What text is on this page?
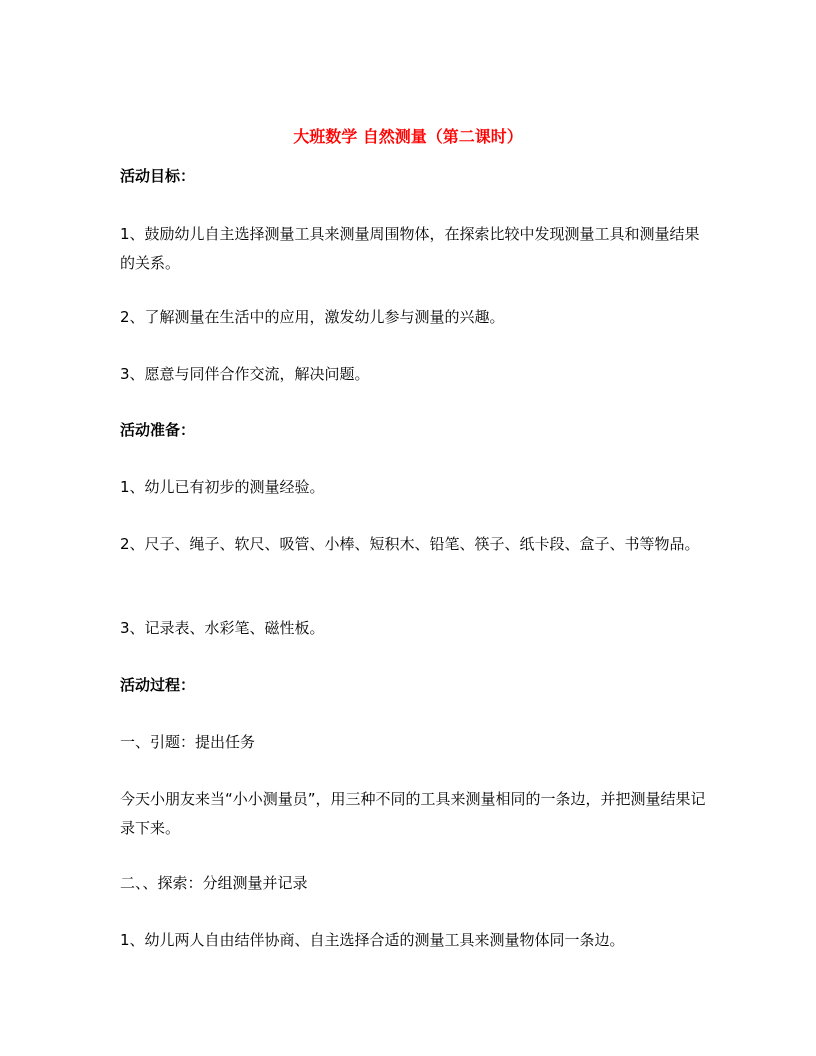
大班数学 自然测量（第二课时）
活动目标：
1、鼓励幼儿自主选择测量工具来测量周围物体，在探索比较中发现测量工具和测量结果的关系。
2、了解测量在生活中的应用，激发幼儿参与测量的兴趣。
3、愿意与同伴合作交流，解决问题。
活动准备：
1、幼儿已有初步的测量经验。
2、尺子、绳子、软尺、吸管、小棒、短积木、铅笔、筷子、纸卡段、盒子、书等物品。
3、记录表、水彩笔、磁性板。
活动过程：
一、引题：提出任务
今天小朋友来当“小小测量员”，用三种不同的工具来测量相同的一条边，并把测量结果记录下来。
二、、探索：分组测量并记录
1、幼儿两人自由结伴协商、自主选择合适的测量工具来测量物体同一条边。
